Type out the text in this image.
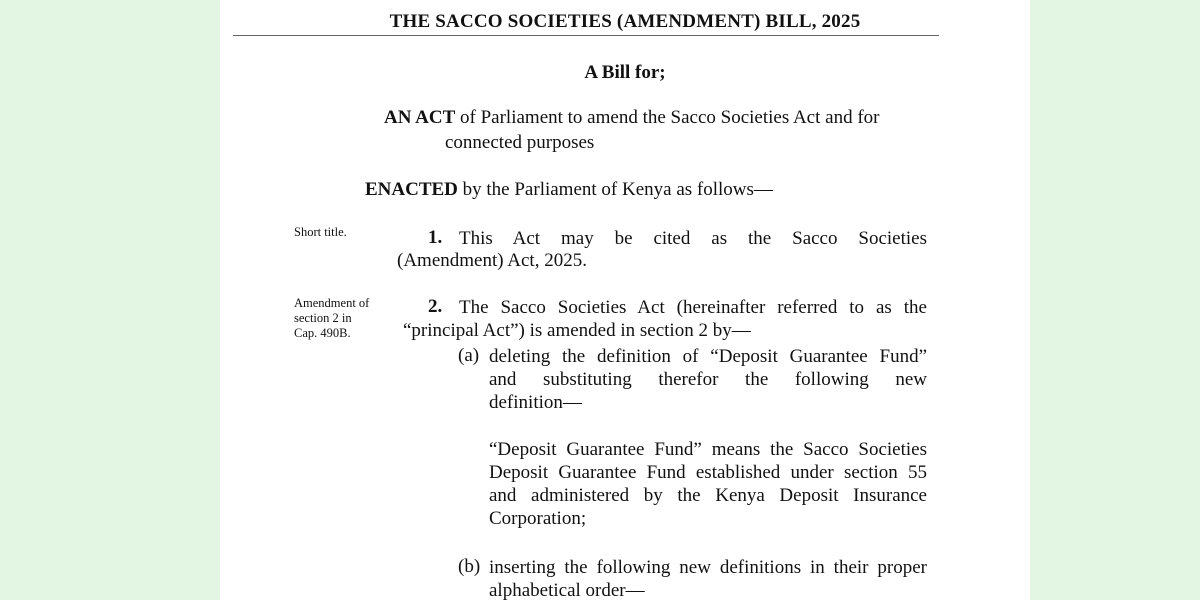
THE SACCO SOCIETIES (AMENDMENT) BILL, 2025
A Bill for;
AN ACT of Parliament to amend the Sacco Societies Act and for
connected purposes
ENACTED by the Parliament of Kenya as follows—
Short title.	1. This Act may be cited as the Sacco Societies
(Amendment) Act, 2025.
Amendment of
section 2 in
Cap. 490B.
2. The Sacco Societies Act (hereinafter referred to as the
“principal Act”) is amended in section 2 by—
(a) deleting the definition of “Deposit Guarantee Fund”
and substituting therefor the following new
definition—
“Deposit Guarantee Fund” means the Sacco Societies
Deposit Guarantee Fund established under section 55
and administered by the Kenya Deposit Insurance
Corporation;
(b) inserting the following new definitions in their proper
alphabetical order—
